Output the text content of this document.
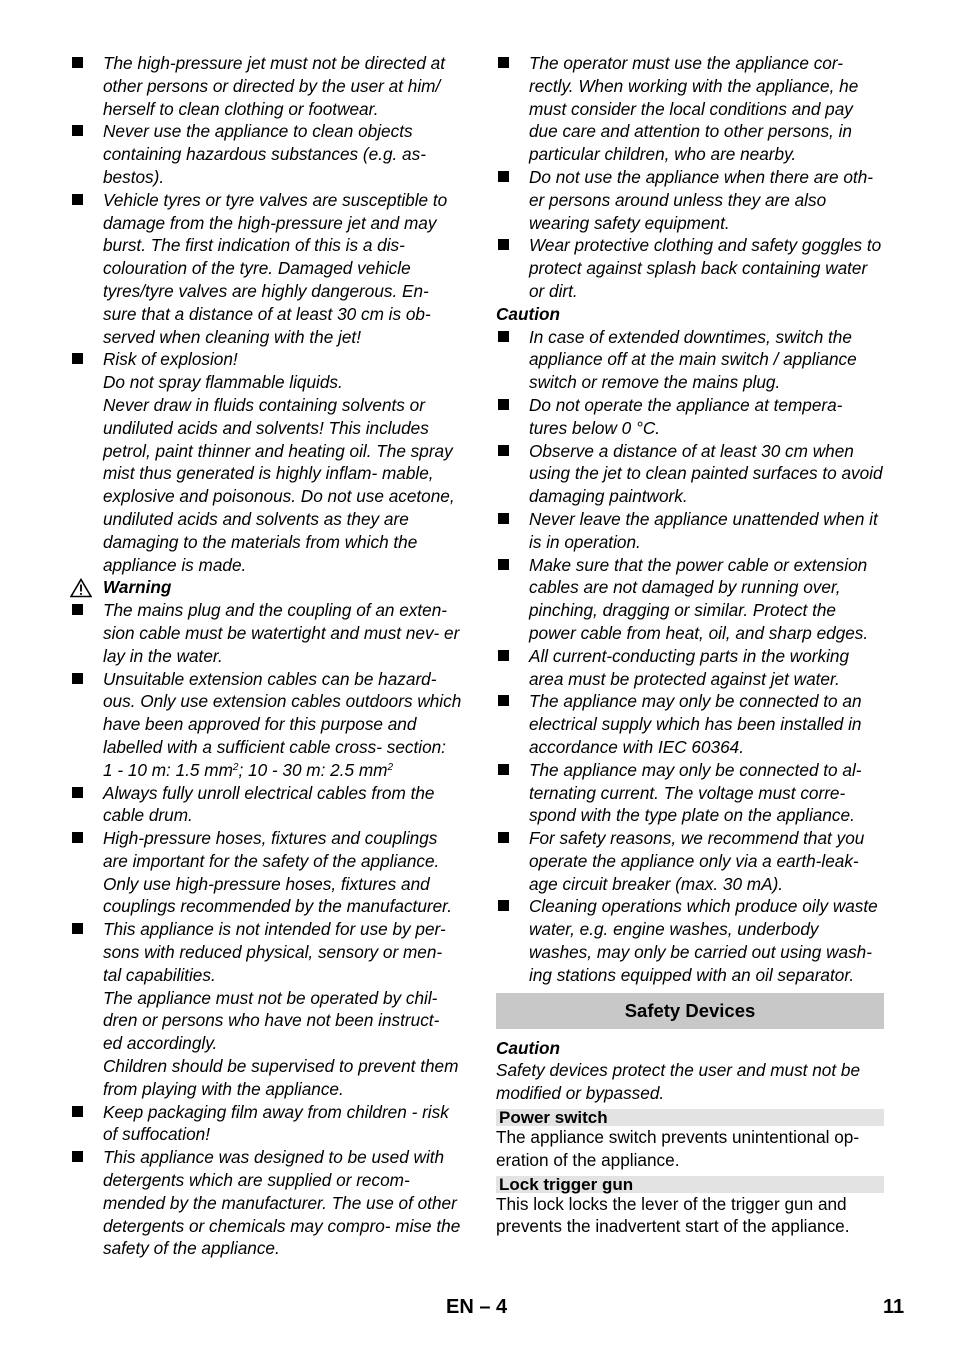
The high-pressure jet must not be directed at other persons or directed by the user at him/ herself to clean clothing or footwear.
Never use the appliance to clean objects containing hazardous substances (e.g. as- bestos).
Vehicle tyres or tyre valves are susceptible to damage from the high-pressure jet and may burst. The first indication of this is a dis- colouration of the tyre. Damaged vehicle tyres/tyre valves are highly dangerous. En- sure that a distance of at least 30 cm is ob- served when cleaning with the jet!
Risk of explosion!
Do not spray flammable liquids.
Never draw in fluids containing solvents or undiluted acids and solvents! This includes petrol, paint thinner and heating oil. The spray mist thus generated is highly inflam- mable, explosive and poisonous. Do not use acetone, undiluted acids and solvents as they are damaging to the materials from which the appliance is made.
Warning
The mains plug and the coupling of an exten- sion cable must be watertight and must nev- er lay in the water.
Unsuitable extension cables can be hazard- ous. Only use extension cables outdoors which have been approved for this purpose and labelled with a sufficient cable cross- section:
1 - 10 m: 1.5 $mm^2$; 10 - 30 m: 2.5 $mm^2$
Always fully unroll electrical cables from the cable drum.
High-pressure hoses, fixtures and couplings are important for the safety of the appliance. Only use high-pressure hoses, fixtures and couplings recommended by the manufacturer.
This appliance is not intended for use by per- sons with reduced physical, sensory or men- tal capabilities.
The appliance must not be operated by chil- dren or persons who have not been instruct- ed accordingly.
Children should be supervised to prevent them from playing with the appliance.
Keep packaging film away from children - risk of suffocation!
This appliance was designed to be used with detergents which are supplied or recom- mended by the manufacturer. The use of other detergents or chemicals may compro- mise the safety of the appliance.
The operator must use the appliance cor- rectly. When working with the appliance, he must consider the local conditions and pay due care and attention to other persons, in particular children, who are nearby.
Do not use the appliance when there are oth- er persons around unless they are also wearing safety equipment.
Wear protective clothing and safety goggles to protect against splash back containing water or dirt.
Caution
In case of extended downtimes, switch the appliance off at the main switch / appliance switch or remove the mains plug.
Do not operate the appliance at tempera- tures below 0 °C.
Observe a distance of at least 30 cm when using the jet to clean painted surfaces to avoid damaging paintwork.
Never leave the appliance unattended when it is in operation.
Make sure that the power cable or extension cables are not damaged by running over, pinching, dragging or similar. Protect the power cable from heat, oil, and sharp edges.
All current-conducting parts in the working area must be protected against jet water.
The appliance may only be connected to an electrical supply which has been installed in accordance with IEC 60364.
The appliance may only be connected to al- ternating current. The voltage must corre- spond with the type plate on the appliance.
For safety reasons, we recommend that you operate the appliance only via a earth-leak- age circuit breaker (max. 30 mA).
Cleaning operations which produce oily waste water, e.g. engine washes, underbody washes, may only be carried out using wash- ing stations equipped with an oil separator.
Safety Devices
Caution
Safety devices protect the user and must not be modified or bypassed.
Power switch
The appliance switch prevents unintentional op- eration of the appliance.
Lock trigger gun
This lock locks the lever of the trigger gun and prevents the inadvertent start of the appliance.
EN – 4	11
